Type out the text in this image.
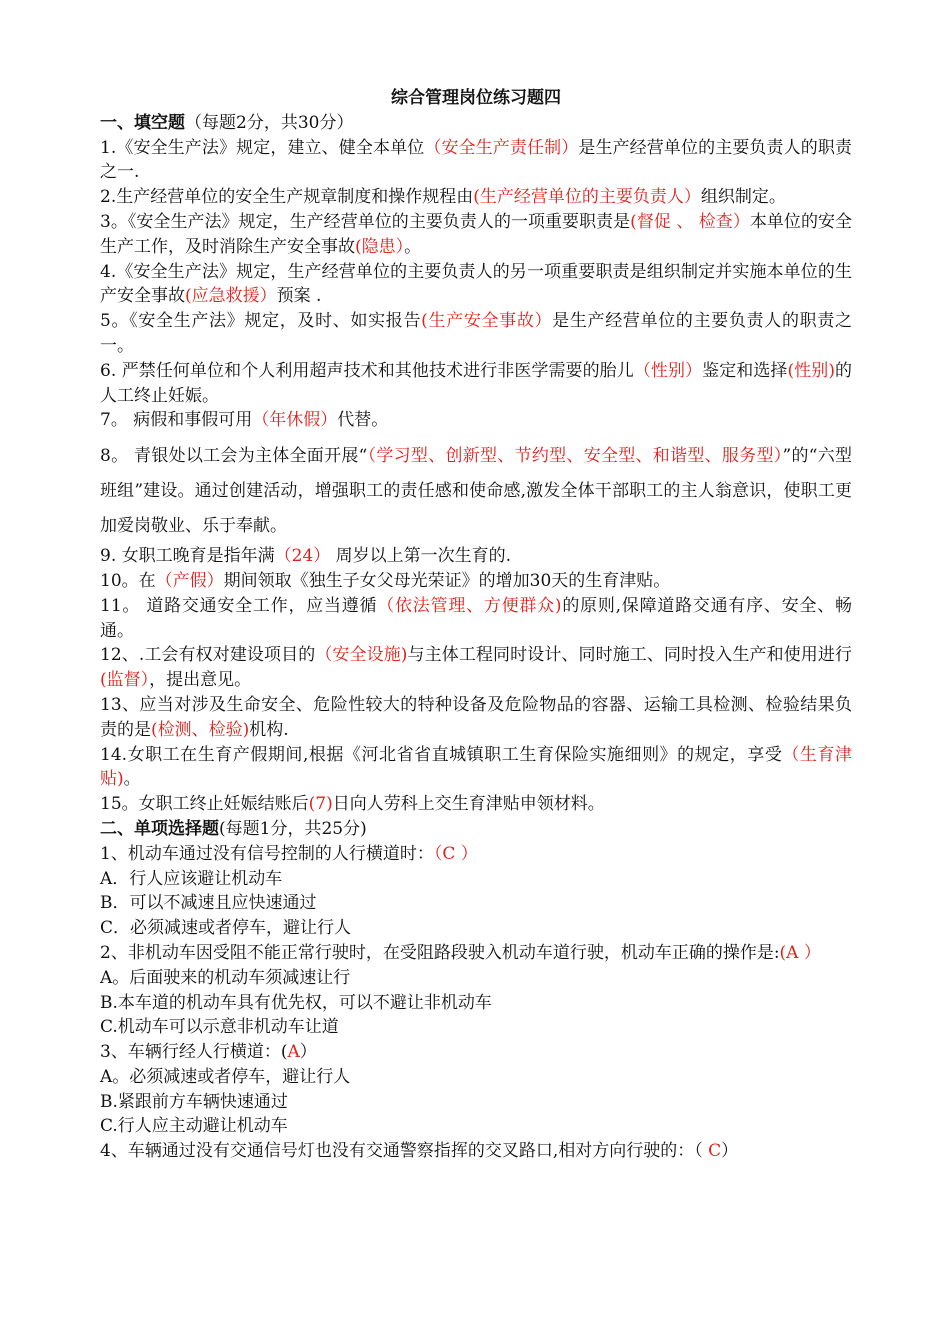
综合管理岗位练习题四
一、填空题（每题2分，共30分）

1.《安全生产法》规定，建立、健全本单位（安全生产责任制）是生产经营单位的主要负责人的职责之一.

2.生产经营单位的安全生产规章制度和操作规程由(生产经营单位的主要负责人）组织制定。

3。《安全生产法》规定，生产经营单位的主要负责人的一项重要职责是(督促 、 检查）本单位的安全生产工作，及时消除生产安全事故(隐患）。

4.《安全生产法》规定，生产经营单位的主要负责人的另一项重要职责是组织制定并实施本单位的生产安全事故(应急救援）预案 .

5。《安全生产法》规定，及时、如实报告(生产安全事故）是生产经营单位的主要负责人的职责之一。

6. 严禁任何单位和个人利用超声技术和其他技术进行非医学需要的胎儿（性别）鉴定和选择(性别)的人工终止妊娠。

7。 病假和事假可用（年休假）代替。

8。 青银处以工会为主体全面开展“（学习型、创新型、节约型、安全型、和谐型、服务型）”的“六型班组”建设。通过创建活动，增强职工的责任感和使命感,激发全体干部职工的主人翁意识，使职工更加爱岗敬业、乐于奉献。

9. 女职工晚育是指年满（24） 周岁以上第一次生育的.

10。在（产假）期间领取《独生子女父母光荣证》的增加30天的生育津贴。

11。 道路交通安全工作，应当遵循（依法管理、方便群众)的原则,保障道路交通有序、安全、畅通。

12、.工会有权对建设项目的（安全设施)与主体工程同时设计、同时施工、同时投入生产和使用进行(监督），提出意见。

13、应当对涉及生命安全、危险性较大的特种设备及危险物品的容器、运输工具检测、检验结果负责的是(检测、检验)机构.

14.女职工在生育产假期间,根据《河北省省直城镇职工生育保险实施细则》的规定，享受（生育津贴)。

15。女职工终止妊娠结账后(7)日向人劳科上交生育津贴申领材料。

二、单项选择题(每题1分，共25分)

1、机动车通过没有信号控制的人行横道时：（C ）

A．行人应该避让机动车

B．可以不减速且应快速通过

C．必须减速或者停车，避让行人

2、非机动车因受阻不能正常行驶时，在受阻路段驶入机动车道行驶，机动车正确的操作是:(A ）

A。后面驶来的机动车须减速让行

B.本车道的机动车具有优先权，可以不避让非机动车

C.机动车可以示意非机动车让道

3、车辆行经人行横道：(A）

A。必须减速或者停车，避让行人

B.紧跟前方车辆快速通过

C.行人应主动避让机动车

4、车辆通过没有交通信号灯也没有交通警察指挥的交叉路口,相对方向行驶的：（ C）
